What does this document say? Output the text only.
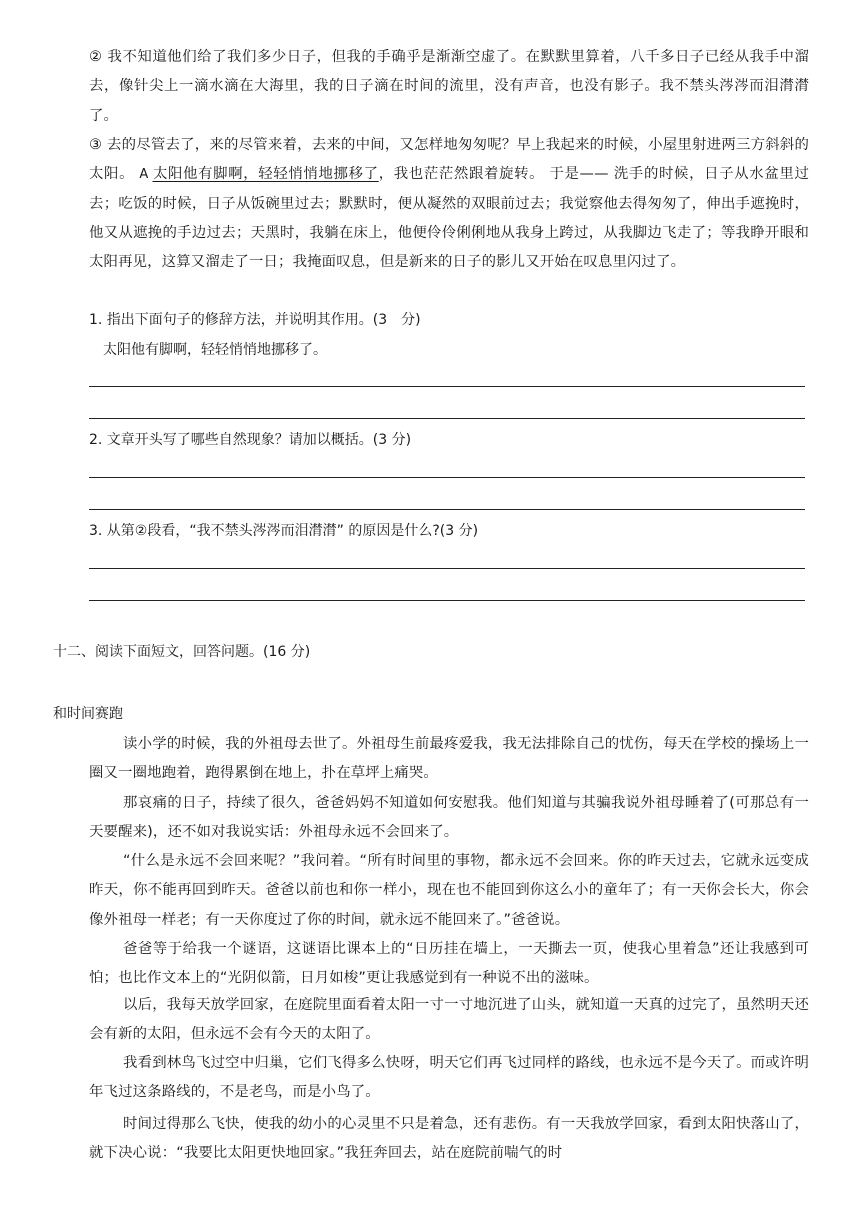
② 我不知道他们给了我们多少日子，但我的手确乎是渐渐空虚了。在默默里算着，八千多日子已经从我手中溜去，像针尖上一滴水滴在大海里，我的日子滴在时间的流里，没有声音，也没有影子。我不禁头涔涔而泪潸潸了。
③ 去的尽管去了，来的尽管来着，去来的中间，又怎样地匆匆呢？早上我起来的时候，小屋里射进两三方斜斜的太阳。 A 太阳他有脚啊，轻轻悄悄地挪移了，我也茫茫然跟着旋转。 于是—— 洗手的时候，日子从水盆里过去；吃饭的时候，日子从饭碗里过去；默默时，便从凝然的双眼前过去；我觉察他去得匆匆了，伸出手遮挽时，他又从遮挽的手边过去；天黑时，我躺在床上，他便伶伶俐俐地从我身上跨过，从我脚边飞走了；等我睁开眼和太阳再见，这算又溜走了一日；我掩面叹息，但是新来的日子的影儿又开始在叹息里闪过了。
1. 指出下面句子的修辞方法，并说明其作用。(3　分)
太阳他有脚啊，轻轻悄悄地挪移了。
2. 文章开头写了哪些自然现象？请加以概括。(3 分)
3. 从第②段看，“我不禁头涔涔而泪潸潸” 的原因是什么?(3 分)
十二、阅读下面短文，回答问题。(16 分)
和时间赛跑
读小学的时候，我的外祖母去世了。外祖母生前最疼爱我，我无法排除自己的忧伤，每天在学校的操场上一圈又一圈地跑着，跑得累倒在地上，扑在草坪上痛哭。
那哀痛的日子，持续了很久，爸爸妈妈不知道如何安慰我。他们知道与其骗我说外祖母睡着了(可那总有一天要醒来)，还不如对我说实话：外祖母永远不会回来了。
“什么是永远不会回来呢？”我问着。“所有时间里的事物，都永远不会回来。你的昨天过去，它就永远变成昨天，你不能再回到昨天。爸爸以前也和你一样小，现在也不能回到你这么小的童年了；有一天你会长大，你会像外祖母一样老；有一天你度过了你的时间，就永远不能回来了。”爸爸说。
爸爸等于给我一个谜语，这谜语比课本上的“日历挂在墙上，一天撕去一页，使我心里着急”还让我感到可怕；也比作文本上的“光阴似箭，日月如梭”更让我感觉到有一种说不出的滋味。
以后，我每天放学回家，在庭院里面看着太阳一寸一寸地沉进了山头，就知道一天真的过完了，虽然明天还会有新的太阳，但永远不会有今天的太阳了。
我看到林鸟飞过空中归巢，它们飞得多么快呀，明天它们再飞过同样的路线，也永远不是今天了。而或许明年飞过这条路线的，不是老鸟，而是小鸟了。
时间过得那么飞快，使我的幼小的心灵里不只是着急，还有悲伤。有一天我放学回家，看到太阳快落山了，就下决心说：“我要比太阳更快地回家。”我狂奔回去，站在庭院前喘气的时
